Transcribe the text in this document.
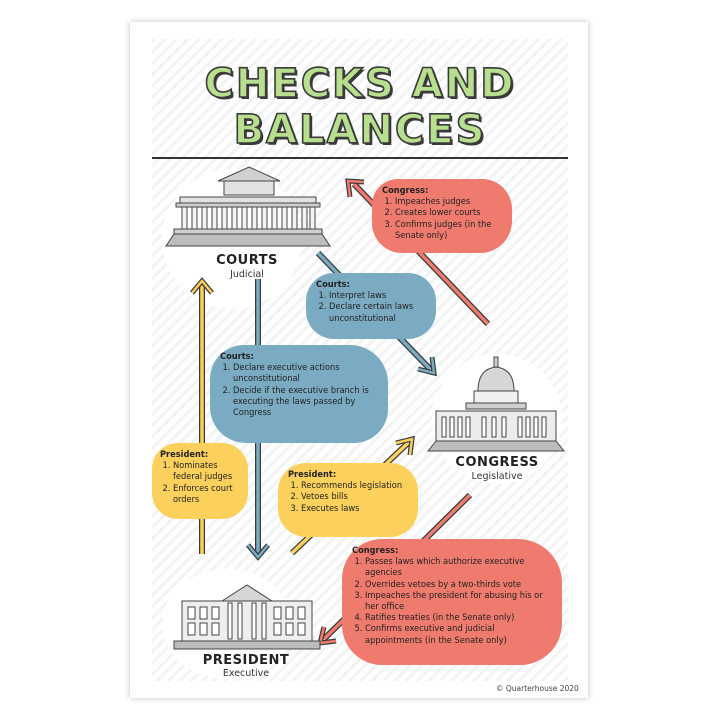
CHECKS AND
BALANCES
COURTS
Judicial
CONGRESS
Legislative
PRESIDENT
Executive
Congress:
1. Impeaches judges
2. Creates lower courts
3. Confirms judges (in the Senate only)
Courts:
1. Interpret laws
2. Declare certain laws unconstitutional
Courts:
1. Declare executive actions unconstitutional
2. Decide if the executive branch is executing the laws passed by Congress
President:
1. Nominates federal judges
2. Enforces court orders
President:
1. Recommends legislation
2. Vetoes bills
3. Executes laws
Congress:
1. Passes laws which authorize executive agencies
2. Overrides vetoes by a two-thirds vote
3. Impeaches the president for abusing his or her office
4. Ratifies treaties (in the Senate only)
5. Confirms executive and judicial appointments (in the Senate only)
© Quarterhouse 2020
